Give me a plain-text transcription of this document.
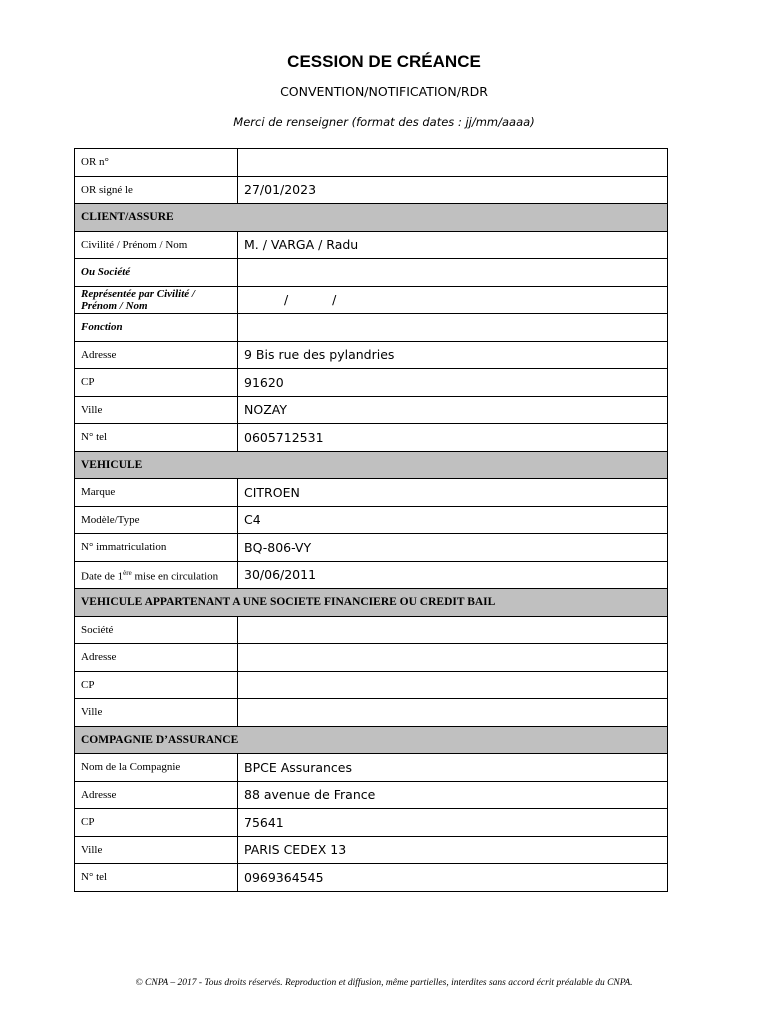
CESSION DE CRÉANCE
CONVENTION/NOTIFICATION/RDR
Merci de renseigner (format des dates : jj/mm/aaaa)
OR n°	
OR signé le	27/01/2023
CLIENT/ASSURE	
Civilité / Prénom / Nom	M. / VARGA / Radu
Ou Société	
Représentée par Civilité / Prénom / Nom	/ /
Fonction	
Adresse	9 Bis rue des pylandries
CP	91620
Ville	NOZAY
N° tel	0605712531
VEHICULE	
Marque	CITROEN
Modèle/Type	C4
N° immatriculation	BQ-806-VY
Date de 1ère mise en circulation	30/06/2011
VEHICULE APPARTENANT A UNE SOCIETE FINANCIERE OU CREDIT BAIL	
Société	
Adresse	
CP	
Ville	
COMPAGNIE D’ASSURANCE	
Nom de la Compagnie	BPCE Assurances
Adresse	88 avenue de France
CP	75641
Ville	PARIS CEDEX 13
N° tel	0969364545
© CNPA – 2017 - Tous droits réservés. Reproduction et diffusion, même partielles, interdites sans accord écrit préalable du CNPA.
